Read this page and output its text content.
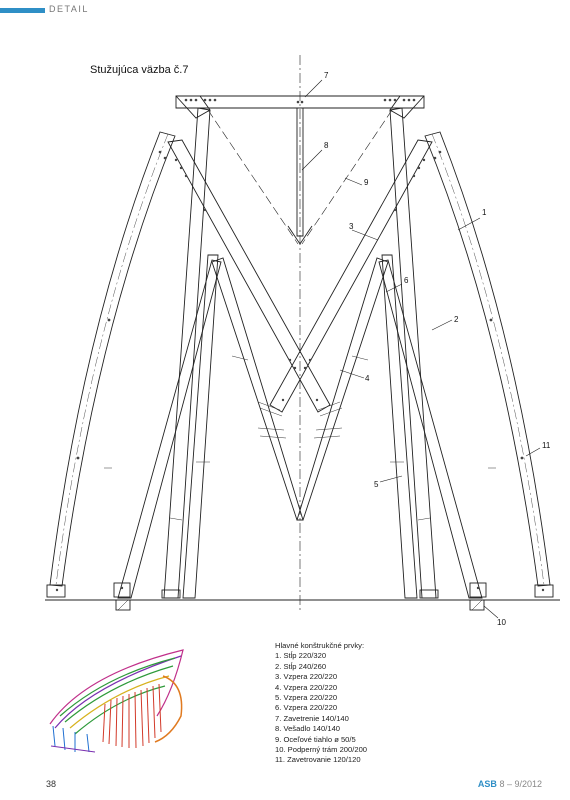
DETAIL
7
8
9
3
1
6
2
4
11
5
10
Stužujúca väzba č.7
Hlavné konštrukčné prvky:
1. Stĺp 220/320
2. Stĺp 240/260
3. Vzpera 220/220
4. Vzpera 220/220
5. Vzpera 220/220
6. Vzpera 220/220
7. Zavetrenie 140/140
8. Vešadlo 140/140
9. Oceľové tiahlo ø 50/5
10. Podperný trám 200/200
11. Zavetrovanie 120/120
38	ASB 8 – 9/2012
